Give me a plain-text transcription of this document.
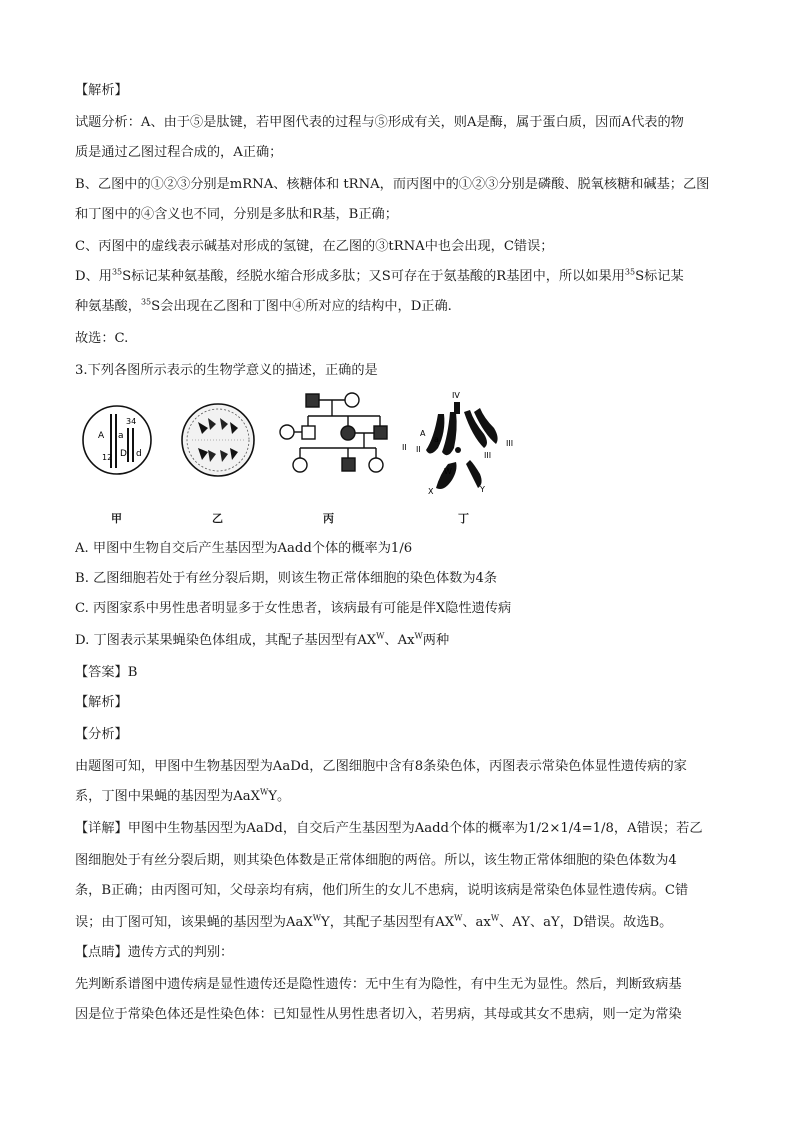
【解析】
试题分析：A、由于⑤是肽键，若甲图代表的过程与⑤形成有关，则A是酶，属于蛋白质，因而A代表的物
质是通过乙图过程合成的，A正确；
B、乙图中的①②③分别是mRNA、核糖体和 tRNA，而丙图中的①②③分别是磷酸、脱氧核糖和碱基；乙图
和丁图中的④含义也不同，分别是多肽和R基，B正确；
C、丙图中的虚线表示碱基对形成的氢键，在乙图的③tRNA中也会出现，C错误；
D、用$^{35}$S标记某种氨基酸，经脱水缩合形成多肽；又S可存在于氨基酸的R基团中，所以如果用$^{35}$S标记某
种氨基酸，$^{35}$S会出现在乙图和丁图中④所对应的结构中，D正确.
故选：C.
3.下列各图所示表示的生物学意义的描述，正确的是
A a
34
12 D d
IV
II II
III
III
A
a
W
X	Y
甲	乙	丙	丁
A. 甲图中生物自交后产生基因型为Aadd个体的概率为1/6
B. 乙图细胞若处于有丝分裂后期，则该生物正常体细胞的染色体数为4条
C. 丙图家系中男性患者明显多于女性患者，该病最有可能是伴X隐性遗传病
D. 丁图表示某果蝇染色体组成，其配子基因型有$AX^W$、$Ax^W$两种
【答案】B
【解析】
【分析】
由题图可知，甲图中生物基因型为AaDd，乙图细胞中含有8条染色体，丙图表示常染色体显性遗传病的家
系，丁图中果蝇的基因型为AaX$^W$Y。
【详解】甲图中生物基因型为AaDd，自交后产生基因型为Aadd个体的概率为1/2×1/4=1/8，A错误；若乙
图细胞处于有丝分裂后期，则其染色体数是正常体细胞的两倍。所以，该生物正常体细胞的染色体数为4
条，B正确；由丙图可知，父母亲均有病，他们所生的女儿不患病，说明该病是常染色体显性遗传病。C错
误；由丁图可知，该果蝇的基因型为AaX$^W$Y，其配子基因型有$AX^W$、$ax^W$、AY、aY，D错误。故选B。
【点睛】遗传方式的判别：
先判断系谱图中遗传病是显性遗传还是隐性遗传：无中生有为隐性，有中生无为显性。然后，判断致病基
因是位于常染色体还是性染色体：已知显性从男性患者切入，若男病，其母或其女不患病，则一定为常染
